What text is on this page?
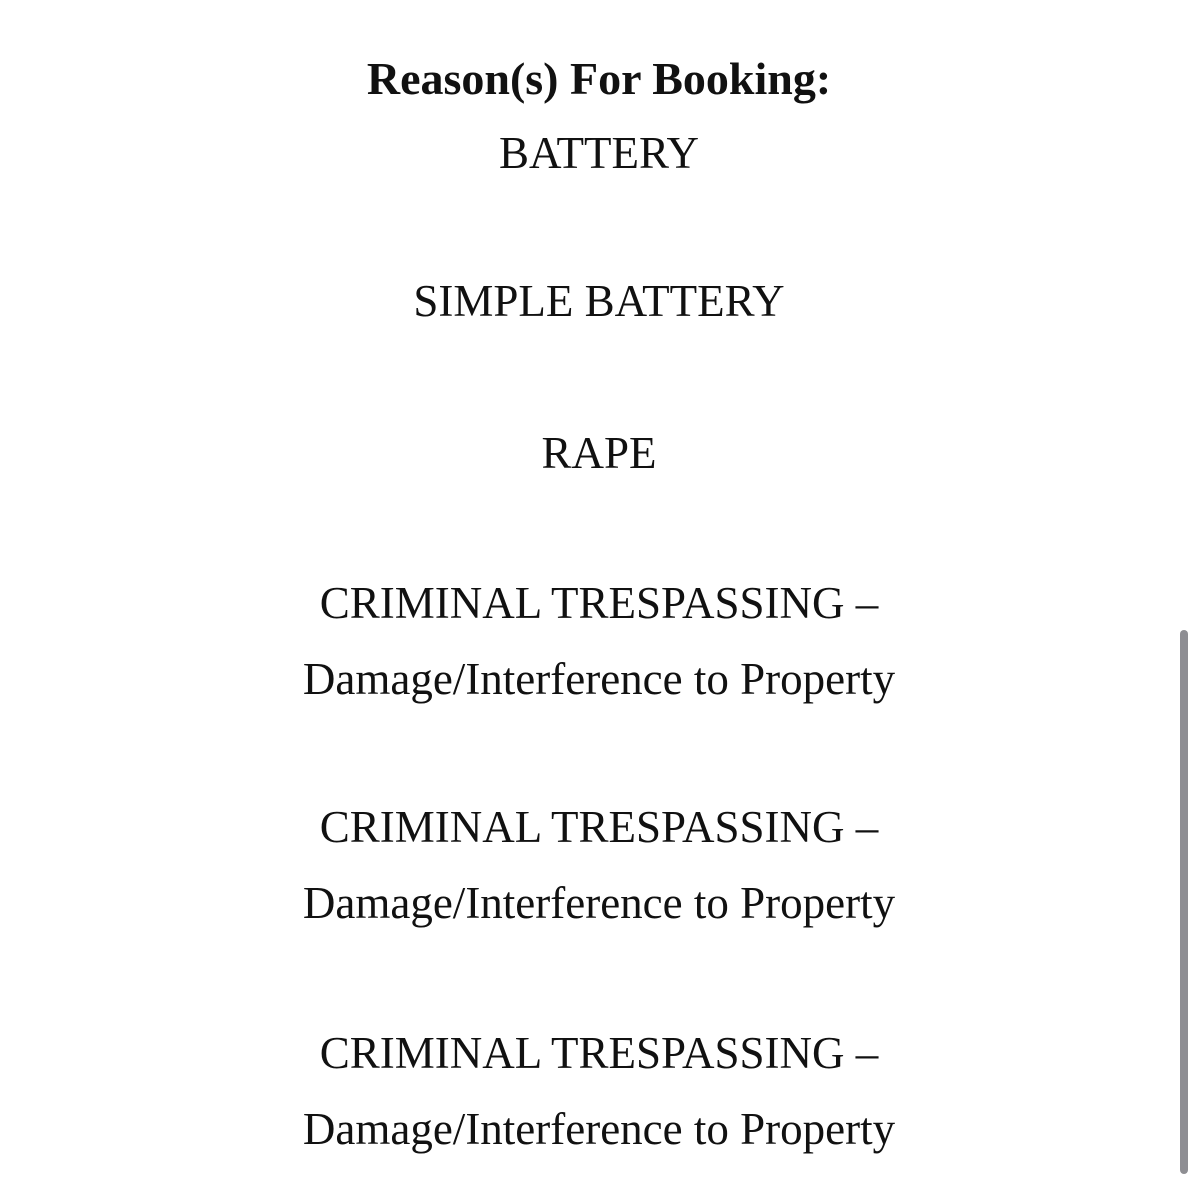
Reason(s) For Booking:

BATTERY

SIMPLE BATTERY

RAPE

CRIMINAL TRESPASSING –

Damage/Interference to Property

CRIMINAL TRESPASSING –

Damage/Interference to Property

CRIMINAL TRESPASSING –

Damage/Interference to Property
